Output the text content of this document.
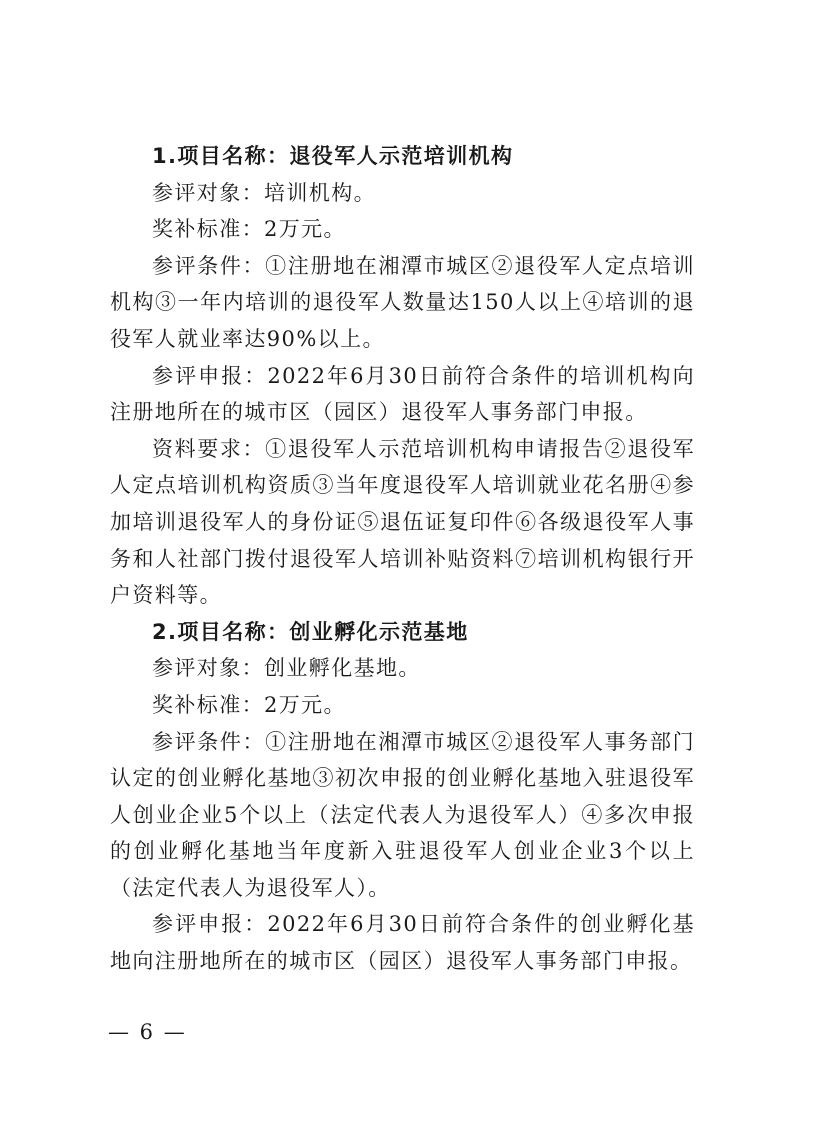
1.项目名称：退役军人示范培训机构

参评对象：培训机构。

奖补标准：2万元。

参评条件：①注册地在湘潭市城区②退役军人定点培训机构③一年内培训的退役军人数量达150人以上④培训的退役军人就业率达90%以上。

参评申报：2022年6月30日前符合条件的培训机构向注册地所在的城市区（园区）退役军人事务部门申报。

资料要求：①退役军人示范培训机构申请报告②退役军人定点培训机构资质③当年度退役军人培训就业花名册④参加培训退役军人的身份证⑤退伍证复印件⑥各级退役军人事务和人社部门拨付退役军人培训补贴资料⑦培训机构银行开户资料等。

2.项目名称：创业孵化示范基地

参评对象：创业孵化基地。

奖补标准：2万元。

参评条件：①注册地在湘潭市城区②退役军人事务部门认定的创业孵化基地③初次申报的创业孵化基地入驻退役军人创业企业5个以上（法定代表人为退役军人）④多次申报的创业孵化基地当年度新入驻退役军人创业企业3个以上（法定代表人为退役军人）。

参评申报：2022年6月30日前符合条件的创业孵化基地向注册地所在的城市区（园区）退役军人事务部门申报。

— 6 —
